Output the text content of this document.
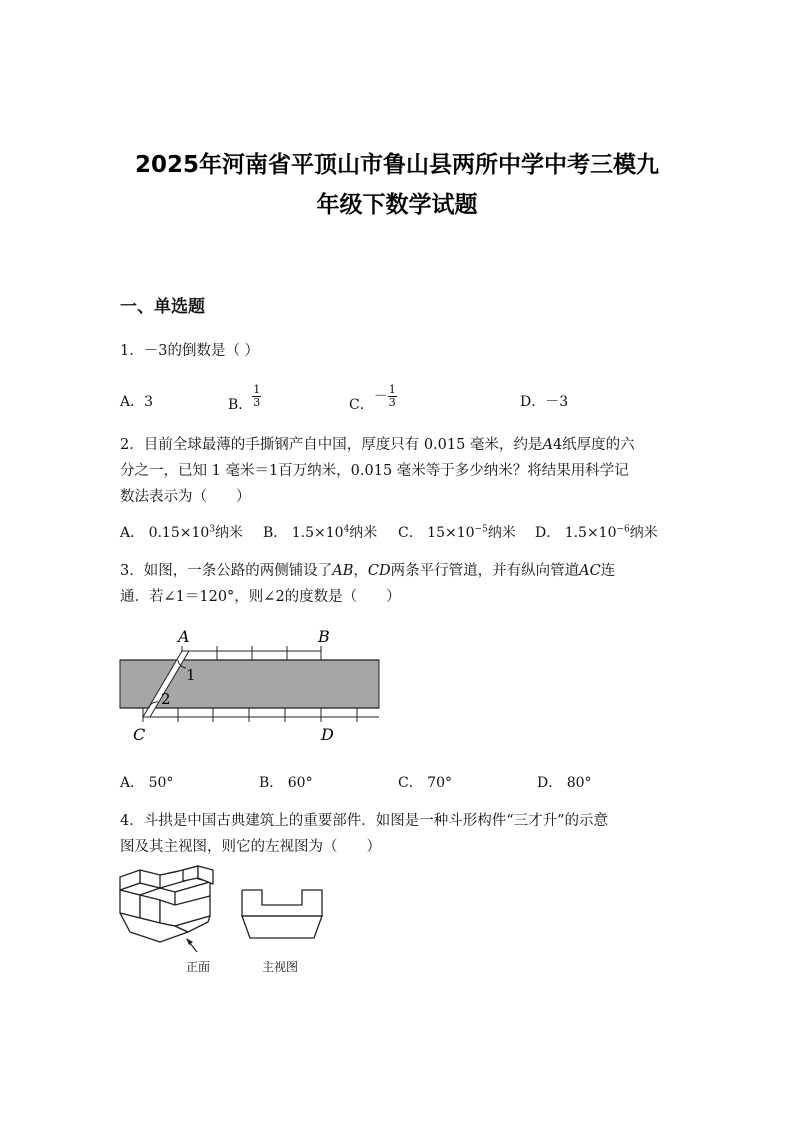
2025年河南省平顶山市鲁山县两所中学中考三模九
年级下数学试题
一、单选题
1．－3的倒数是（ ）
A．3	B． $\frac{1}{3}$	C．－ $\frac{1}{3}$	D．－3
2．目前全球最薄的手撕钢产自中国，厚度只有 0.015 毫米，约是A4纸厚度的六
分之一，已知 1 毫米＝1百万纳米，0.015 毫米等于多少纳米？将结果用科学记
数法表示为（　　）
A． $0.15\times 10^3$纳米 B． $1.5\times 10^4$纳米 C． $15\times 10^{-5}$纳米 D． $1.5\times 10^{-6}$纳米
3．如图，一条公路的两侧铺设了AB，CD两条平行管道，并有纵向管道AC连
通．若∠1＝120°，则∠2的度数是（　　）
A	B
C	D
1
2
A． 50°	B． 60°	C． 70°	D． 80°
4．斗拱是中国古典建筑上的重要部件．如图是一种斗形构件“三才升”的示意
图及其主视图，则它的左视图为（　　）
正面	主视图
